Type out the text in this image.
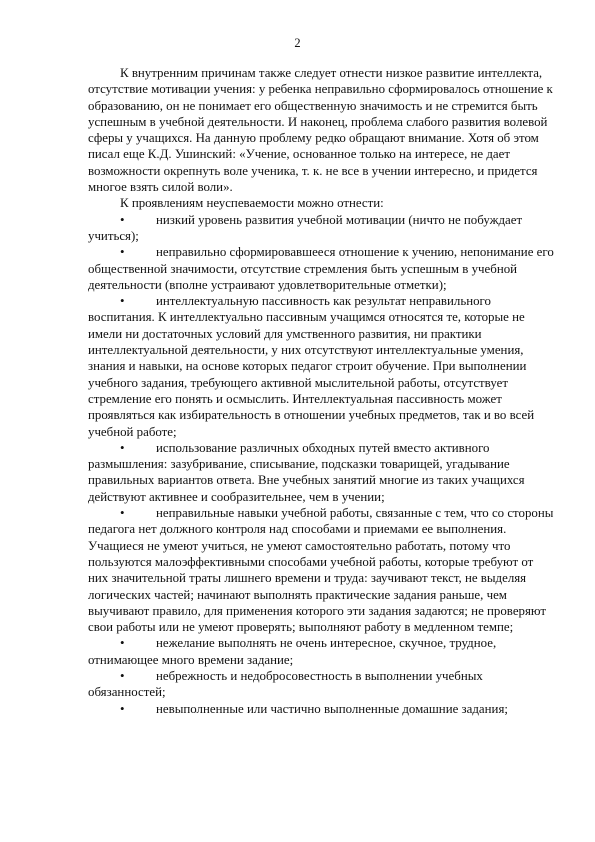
2

К внутренним причинам также следует отнести низкое развитие интеллекта, отсутствие мотивации учения: у ребенка неправильно сформировалось отношение к образованию, он не понимает его общественную значимость и не стремится быть успешным в учебной деятельности. И наконец, проблема слабого развития волевой сферы у учащихся. На данную проблему редко обращают внимание. Хотя об этом писал еще К.Д. Ушинский: «Учение, основанное только на интересе, не дает возможности окрепнуть воле ученика, т. к. не все в учении интересно, и придется многое взять силой воли».

К проявлениям неуспеваемости можно отнести:

• низкий уровень развития учебной мотивации (ничто не побуждает учиться);
• неправильно сформировавшееся отношение к учению, непонимание его общественной значимости, отсутствие стремления быть успешным в учебной деятельности (вполне устраивают удовлетворительные отметки);
• интеллектуальную пассивность как результат неправильного воспитания. К интеллектуально пассивным учащимся относятся те, которые не имели ни достаточных условий для умственного развития, ни практики интеллектуальной деятельности, у них отсутствуют интеллектуальные умения, знания и навыки, на основе которых педагог строит обучение. При выполнении учебного задания, требующего активной мыслительной работы, отсутствует стремление его понять и осмыслить. Интеллектуальная пассивность может проявляться как избирательность в отношении учебных предметов, так и во всей учебной работе;
• использование различных обходных путей вместо активного размышления: зазубривание, списывание, подсказки товарищей, угадывание правильных вариантов ответа. Вне учебных занятий многие из таких учащихся действуют активнее и сообразительнее, чем в учении;
• неправильные навыки учебной работы, связанные с тем, что со стороны педагога нет должного контроля над способами и приемами ее выполнения. Учащиеся не умеют учиться, не умеют самостоятельно работать, потому что пользуются малоэффективными способами учебной работы, которые требуют от них значительной траты лишнего времени и труда: заучивают текст, не выделяя логических частей; начинают выполнять практические задания раньше, чем выучивают правило, для применения которого эти задания задаются; не проверяют свои работы или не умеют проверять; выполняют работу в медленном темпе;
• нежелание выполнять не очень интересное, скучное, трудное, отнимающее много времени задание;
• небрежность и недобросовестность в выполнении учебных обязанностей;
• невыполненные или частично выполненные домашние задания;
